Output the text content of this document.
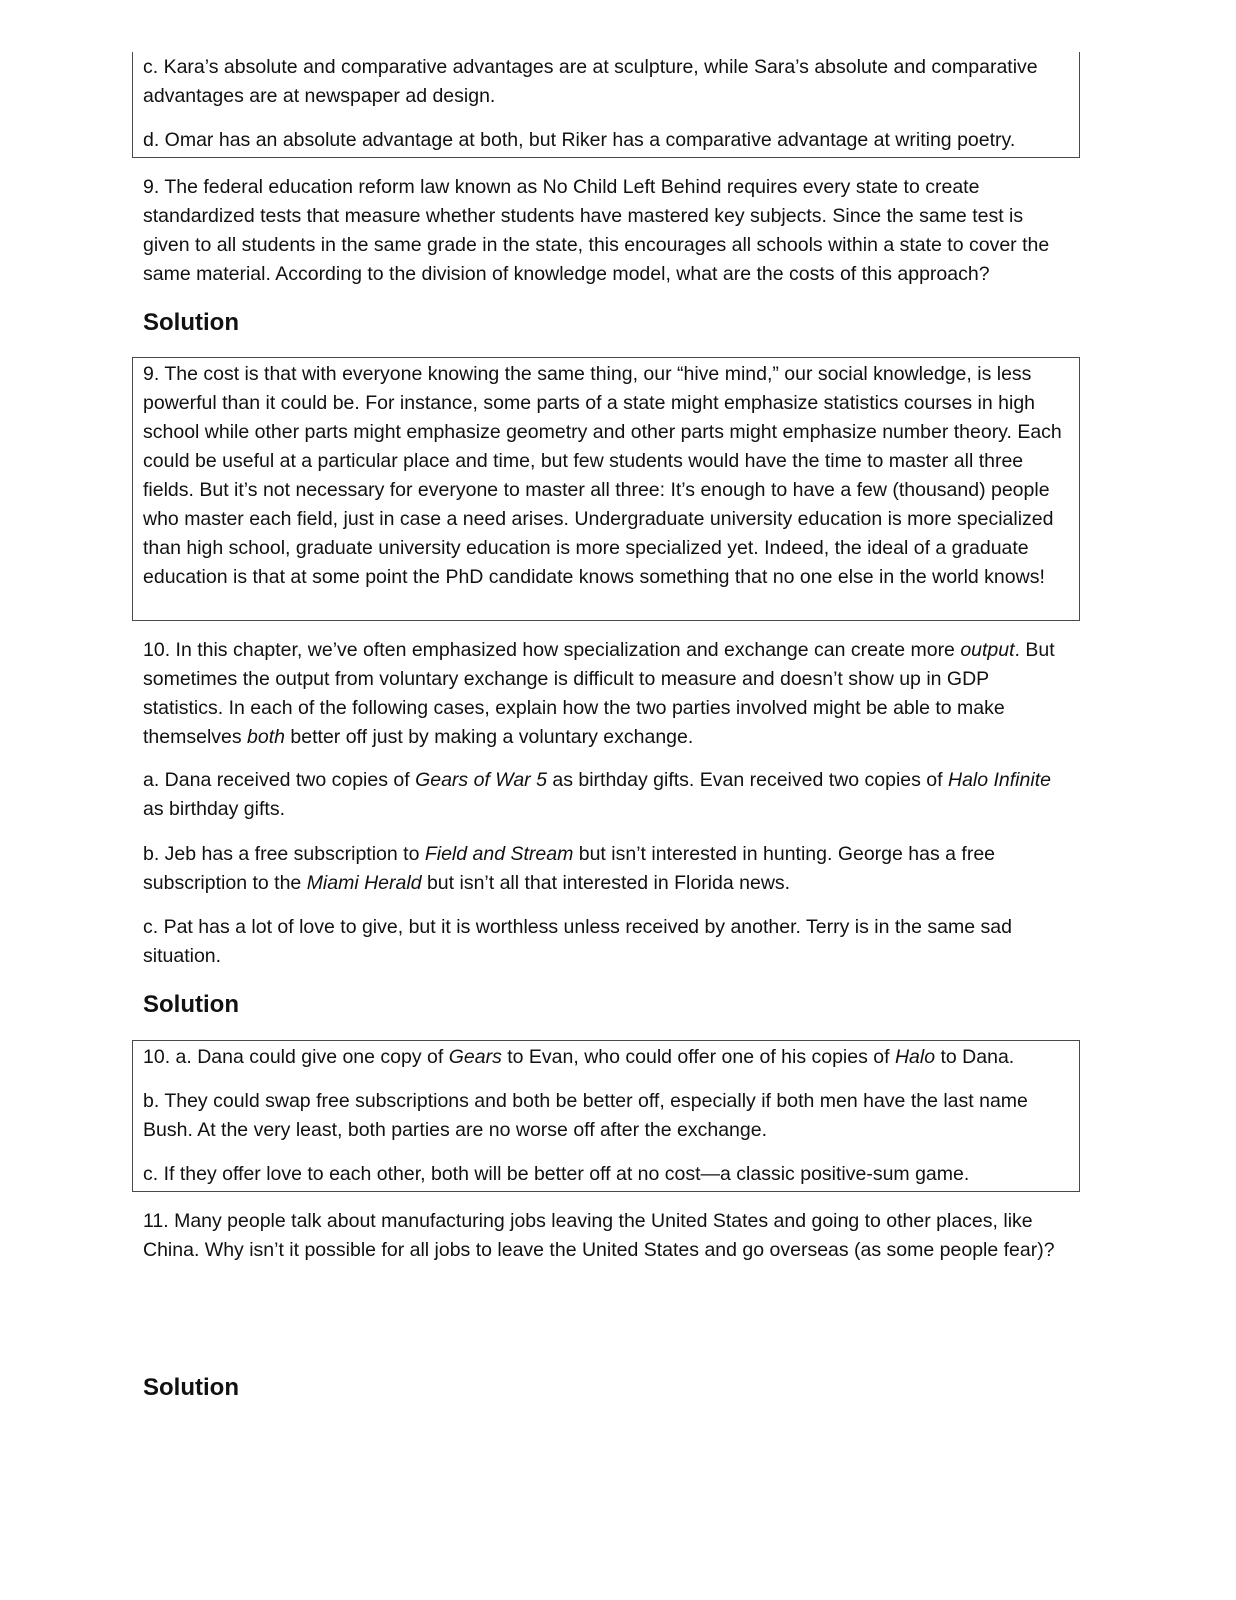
c. Kara’s absolute and comparative advantages are at sculpture, while Sara’s absolute and comparative advantages are at newspaper ad design.

d. Omar has an absolute advantage at both, but Riker has a comparative advantage at writing poetry.

9. The federal education reform law known as No Child Left Behind requires every state to create standardized tests that measure whether students have mastered key subjects. Since the same test is given to all students in the same grade in the state, this encourages all schools within a state to cover the same material. According to the division of knowledge model, what are the costs of this approach?

Solution

9. The cost is that with everyone knowing the same thing, our “hive mind,” our social knowledge, is less powerful than it could be. For instance, some parts of a state might emphasize statistics courses in high school while other parts might emphasize geometry and other parts might emphasize number theory. Each could be useful at a particular place and time, but few students would have the time to master all three fields. But it’s not necessary for everyone to master all three: It’s enough to have a few (thousand) people who master each field, just in case a need arises. Undergraduate university education is more specialized than high school, graduate university education is more specialized yet. Indeed, the ideal of a graduate education is that at some point the PhD candidate knows something that no one else in the world knows!

10. In this chapter, we’ve often emphasized how specialization and exchange can create more output. But sometimes the output from voluntary exchange is difficult to measure and doesn’t show up in GDP statistics. In each of the following cases, explain how the two parties involved might be able to make themselves both better off just by making a voluntary exchange.

a. Dana received two copies of Gears of War 5 as birthday gifts. Evan received two copies of Halo Infinite as birthday gifts.

b. Jeb has a free subscription to Field and Stream but isn’t interested in hunting. George has a free subscription to the Miami Herald but isn’t all that interested in Florida news.

c. Pat has a lot of love to give, but it is worthless unless received by another. Terry is in the same sad situation.

Solution

10. a. Dana could give one copy of Gears to Evan, who could offer one of his copies of Halo to Dana.

b. They could swap free subscriptions and both be better off, especially if both men have the last name Bush. At the very least, both parties are no worse off after the exchange.

c. If they offer love to each other, both will be better off at no cost—a classic positive-sum game.

11. Many people talk about manufacturing jobs leaving the United States and going to other places, like China. Why isn’t it possible for all jobs to leave the United States and go overseas (as some people fear)?

Solution
